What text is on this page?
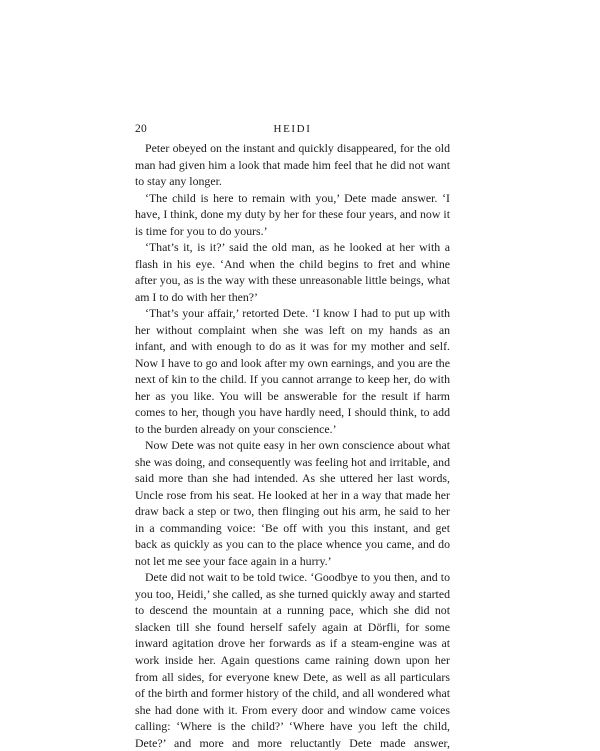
20	HEIDI

Peter obeyed on the instant and quickly disappeared, for the old man had given him a look that made him feel that he did not want to stay any longer.

‘The child is here to remain with you,’ Dete made answer. ‘I have, I think, done my duty by her for these four years, and now it is time for you to do yours.’

‘That’s it, is it?’ said the old man, as he looked at her with a flash in his eye. ‘And when the child begins to fret and whine after you, as is the way with these unreasonable little beings, what am I to do with her then?’

‘That’s your affair,’ retorted Dete. ‘I know I had to put up with her without complaint when she was left on my hands as an infant, and with enough to do as it was for my mother and self. Now I have to go and look after my own earnings, and you are the next of kin to the child. If you cannot arrange to keep her, do with her as you like. You will be answerable for the result if harm comes to her, though you have hardly need, I should think, to add to the burden already on your conscience.’

Now Dete was not quite easy in her own conscience about what she was doing, and consequently was feeling hot and irritable, and said more than she had intended. As she uttered her last words, Uncle rose from his seat. He looked at her in a way that made her draw back a step or two, then flinging out his arm, he said to her in a commanding voice: ‘Be off with you this instant, and get back as quickly as you can to the place whence you came, and do not let me see your face again in a hurry.’

Dete did not wait to be told twice. ‘Goodbye to you then, and to you too, Heidi,’ she called, as she turned quickly away and started to descend the mountain at a running pace, which she did not slacken till she found herself safely again at Dörfli, for some inward agitation drove her forwards as if a steam-engine was at work inside her. Again questions came raining down upon her from all sides, for everyone knew Dete, as well as all particulars of the birth and former history of the child, and all wondered what she had done with it. From every door and window came voices calling: ‘Where is the child?’ ‘Where have you left the child, Dete?’ and more and more reluctantly Dete made answer,
